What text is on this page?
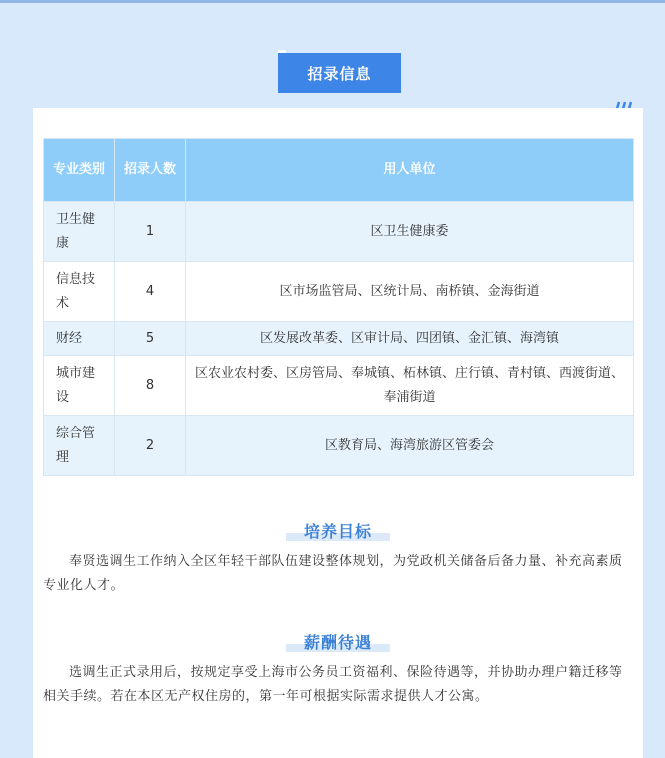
招录信息
专业类别	招录人数	用人单位
卫生健康	1	区卫生健康委
信息技术	4	区市场监管局、区统计局、南桥镇、金海街道
财经	5	区发展改革委、区审计局、四团镇、金汇镇、海湾镇
城市建设	8	区农业农村委、区房管局、奉城镇、柘林镇、庄行镇、青村镇、西渡街道、奉浦街道
综合管理	2	区教育局、海湾旅游区管委会
培养目标
奉贤选调生工作纳入全区年轻干部队伍建设整体规划，为党政机关储备后备力量、补充高素质专业化人才。
薪酬待遇
选调生正式录用后，按规定享受上海市公务员工资福利、保险待遇等，并协助办理户籍迁移等相关手续。若在本区无产权住房的，第一年可根据实际需求提供人才公寓。
